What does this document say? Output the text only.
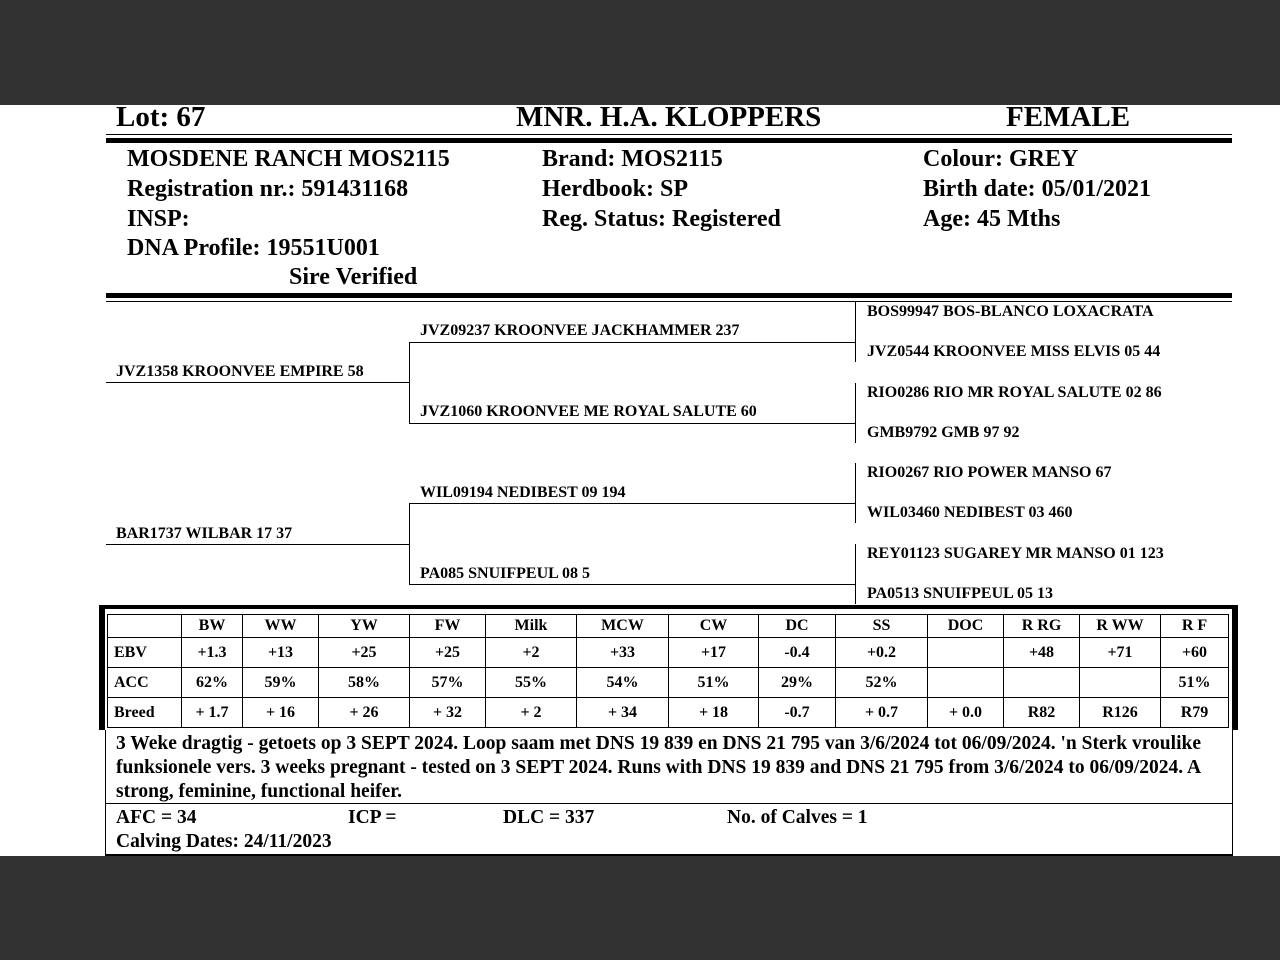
Lot: 67	MNR. H.A. KLOPPERS	FEMALE
MOSDENE RANCH MOS2115
Registration nr.: 591431168
INSP:
DNA Profile: 19551U001
Sire Verified
Brand: MOS2115
Herdbook: SP
Reg. Status: Registered
Colour: GREY
Birth date: 05/01/2021
Age: 45 Mths
JVZ1358 KROONVEE EMPIRE 58
BAR1737 WILBAR 17 37
JVZ09237 KROONVEE JACKHAMMER 237
JVZ1060 KROONVEE ME ROYAL SALUTE 60
WIL09194 NEDIBEST 09 194
PA085 SNUIFPEUL 08 5
BOS99947 BOS-BLANCO LOXACRATA
JVZ0544 KROONVEE MISS ELVIS 05 44
RIO0286 RIO MR ROYAL SALUTE 02 86
GMB9792 GMB 97 92
RIO0267 RIO POWER MANSO 67
WIL03460 NEDIBEST 03 460
REY01123 SUGAREY MR MANSO 01 123
PA0513 SNUIFPEUL 05 13
	BW	WW	YW	FW	Milk	MCW	CW	DC	SS	DOC	R RG	R WW	R F
EBV	+1.3	+13	+25	+25	+2	+33	+17	-0.4	+0.2		+48	+71	+60
ACC	62%	59%	58%	57%	55%	54%	51%	29%	52%				51%
Breed	+ 1.7	+ 16	+ 26	+ 32	+ 2	+ 34	+ 18	-0.7	+ 0.7	+ 0.0	R82	R126	R79
3 Weke dragtig - getoets op 3 SEPT 2024. Loop saam met DNS 19 839 en DNS 21 795 van 3/6/2024 tot 06/09/2024. 'n Sterk vroulike funksionele vers. 3 weeks pregnant - tested on 3 SEPT 2024. Runs with DNS 19 839 and DNS 21 795 from 3/6/2024 to 06/09/2024. A strong, feminine, functional heifer.
AFC = 34	ICP =	DLC = 337	No. of Calves = 1
Calving Dates: 24/11/2023
